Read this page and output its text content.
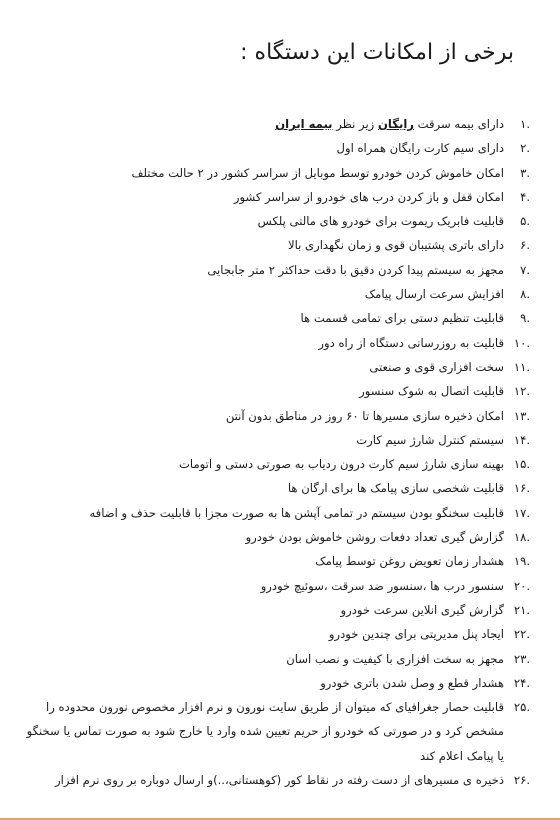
برخی از امکانات این دستگاه :
.۱
دارای بیمه سرقت رایگان زیر نظر بیمه ایران
.۲
دارای سیم کارت رایگان همراه اول
.۳
امکان خاموش کردن خودرو توسط موبایل از سراسر کشور در ۲ حالت مختلف
.۴
امکان قفل و باز کردن درب های خودرو از سراسر کشور
.۵
قابلیت فابریک ریموت برای خودرو های مالتی پلکس
.۶
دارای باتری پشتیبان قوی و زمان نگهداری بالا
.۷
مجهز به سیستم پیدا کردن دقیق با دقت حداکثر ۲ متر جابجایی
.۸
افزایش سرعت ارسال پیامک
.۹
قابلیت تنظیم دستی برای تمامی قسمت ها
.۱۰
قابلیت به روزرسانی دستگاه از راه دور
.۱۱
سخت افزاری قوی و صنعتی
.۱۲
قابلیت اتصال به شوک سنسور
.۱۳
امکان ذخیره سازی مسیرها تا ۶۰ روز در مناطق بدون آنتن
.۱۴
سیستم کنترل شارژ سیم کارت
.۱۵
بهینه سازی شارژ سیم کارت درون ردیاب به صورتی دستی و اتومات
.۱۶
قابلیت شخصی سازی پیامک ها برای ارگان ها
.۱۷
قابلیت سخنگو بودن سیستم در تمامی آپشن ها به صورت مجزا با قابلیت حذف و اضافه
.۱۸
گزارش گیری تعداد دفعات روشن خاموش بودن خودرو
.۱۹
هشدار زمان تعویض روغن توسط پیامک
.۲۰
سنسور درب ها ،سنسور ضد سرقت ،سوئیچ خودرو
.۲۱
گزارش گیری انلاین سرعت خودرو
.۲۲
ایجاد پنل مدیریتی برای چندین خودرو
.۲۳
مجهز به سخت افزاری با کیفیت و نصب اسان
.۲۴
هشدار قطع و وصل شدن باتری خودرو
.۲۵
قابلیت حصار جغرافیای که میتوان از طریق سایت نورون و نرم افزار مخصوص نورون محدوده را مشخص کرد و در صورتی که خودرو از حریم تعیین شده وارد یا خارج شود به صورت تماس یا سخنگو یا پیامک اعلام کند
.۲۶
ذخیره ی مسیرهای از دست رفته در نقاط کور (کوهستانی،..)و ارسال دوباره بر روی نرم افزار
